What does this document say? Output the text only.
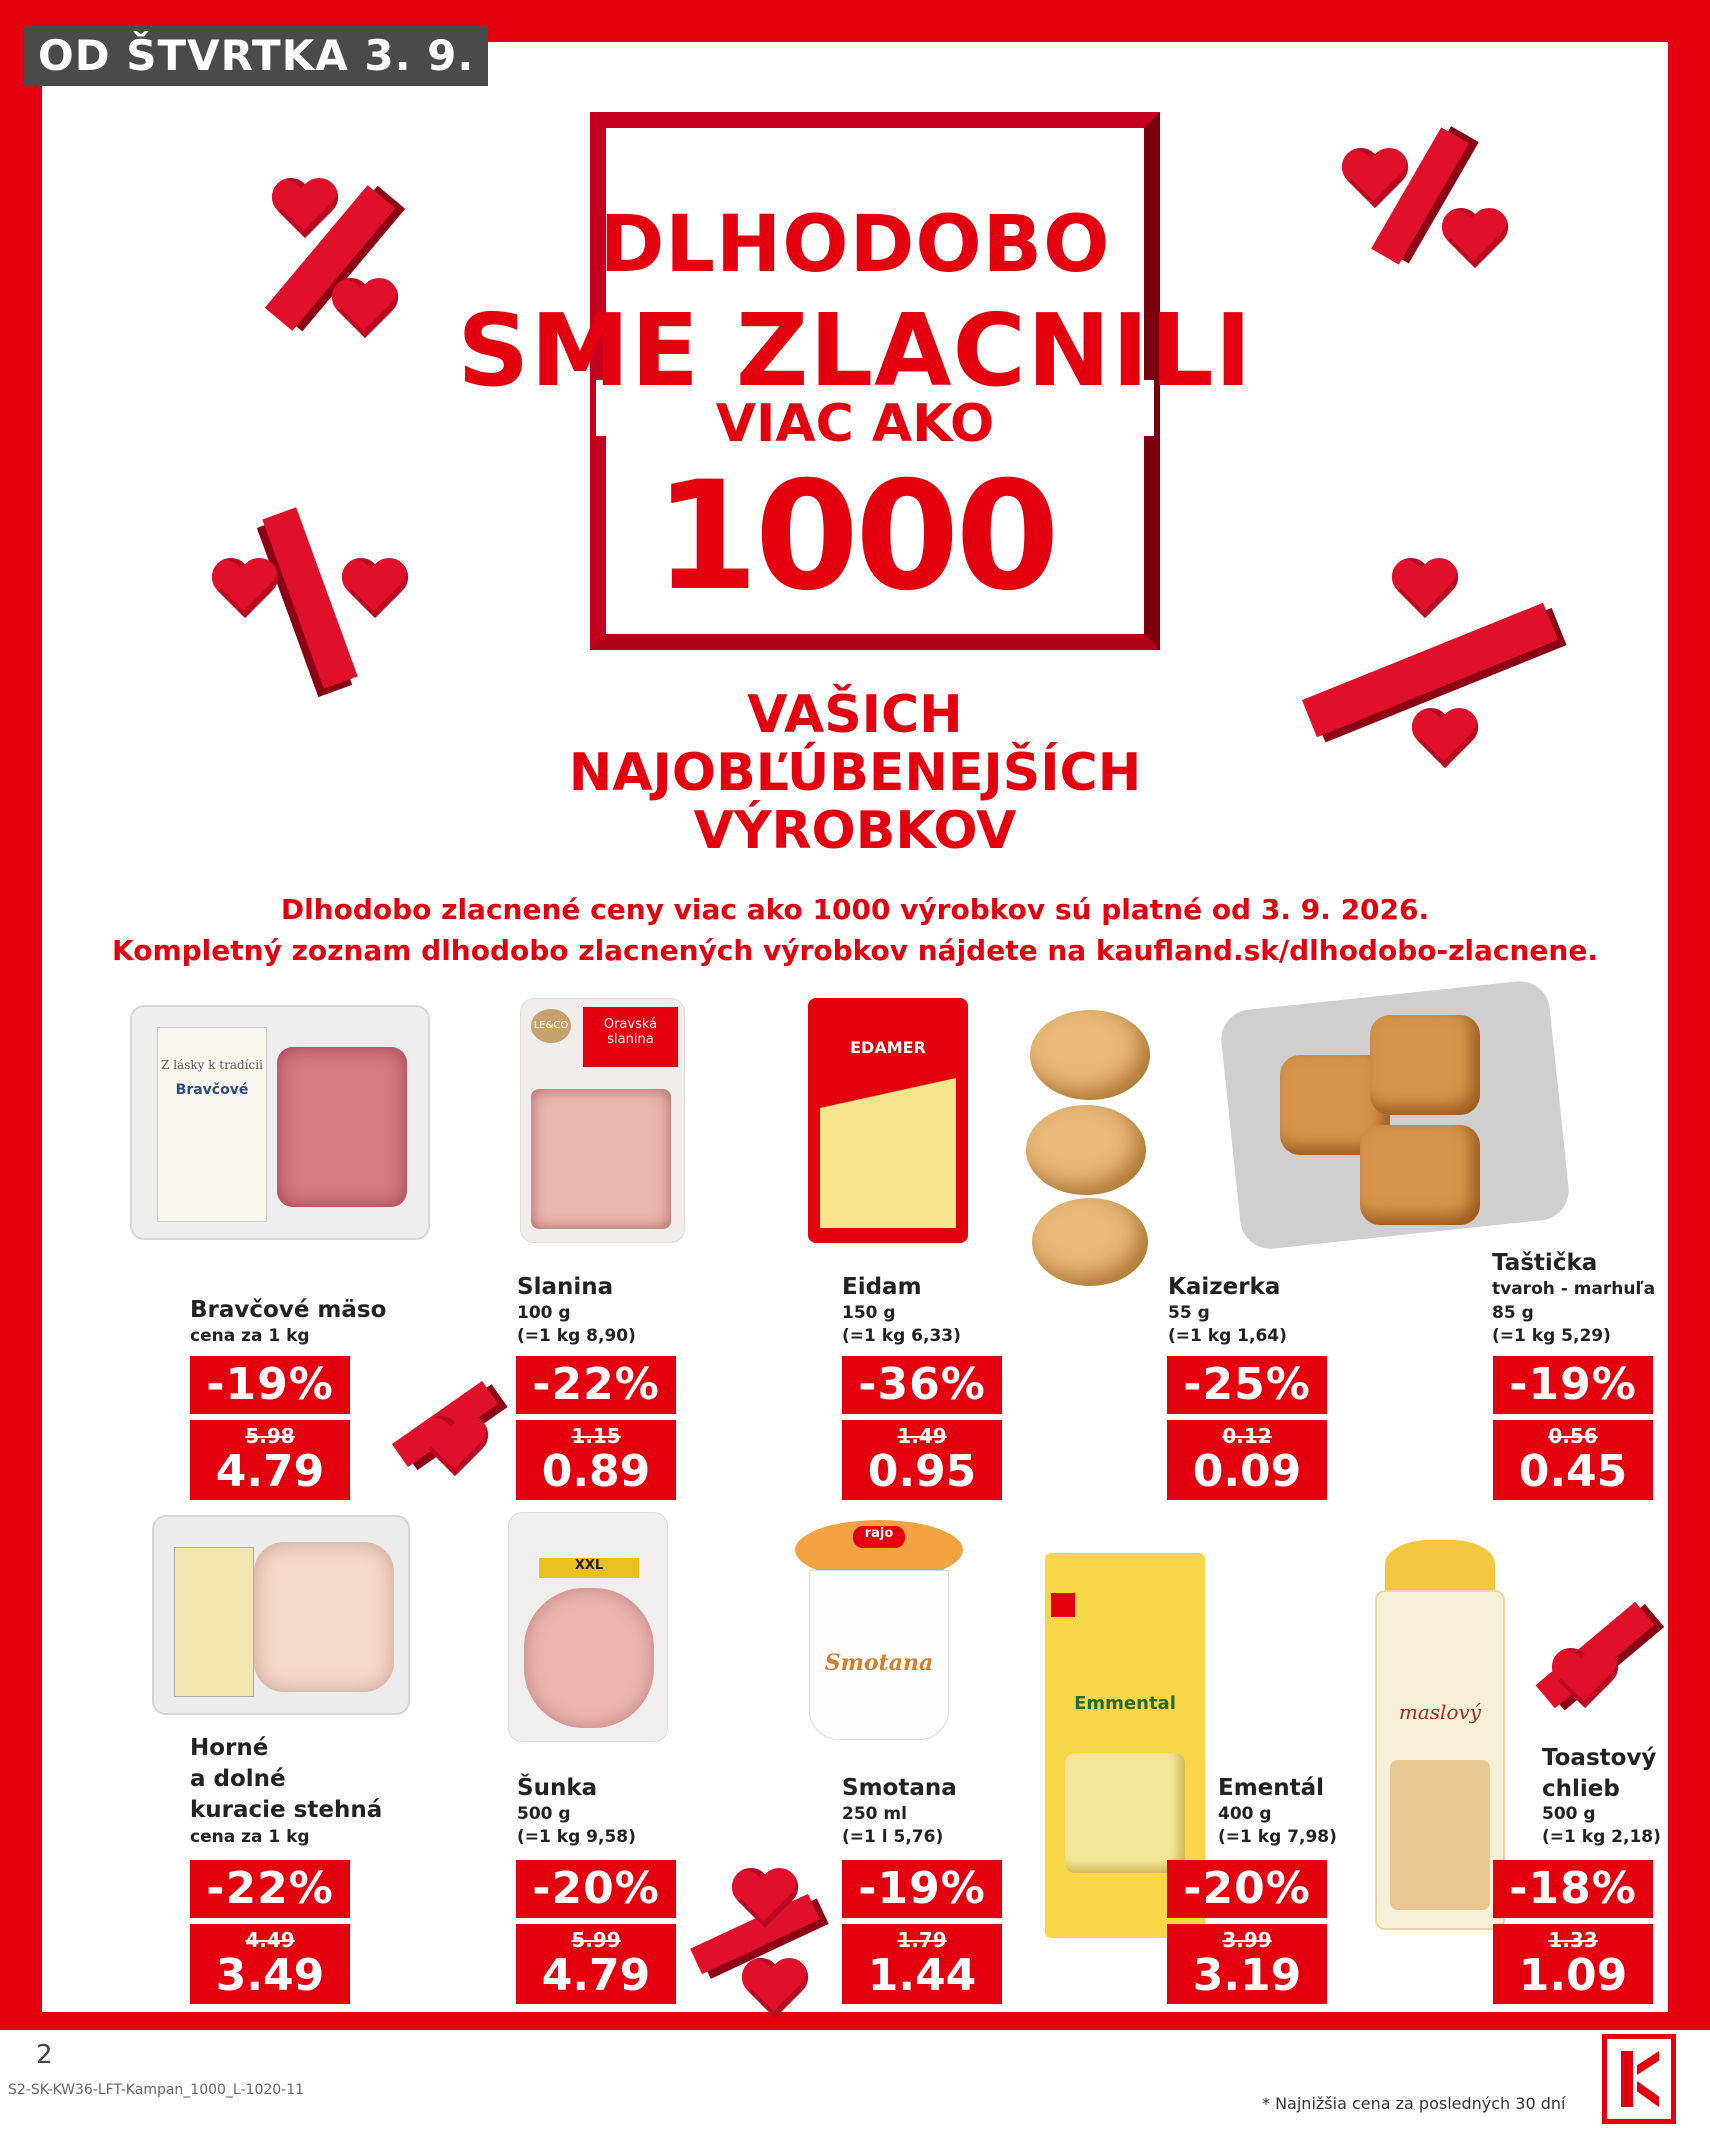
OD ŠTVRTKA 3. 9.
DLHODOBO
SME ZLACNILI
VIAC AKO
1000
VAŠICH
NAJOBĽÚBENEJŠÍCH
VÝROBKOV
Dlhodobo zlacnené ceny viac ako 1000 výrobkov sú platné od 3. 9. 2026.
Kompletný zoznam dlhodobo zlacnených výrobkov nájdete na kaufland.sk/dlhodobo-zlacnene.
Z lásky k tradícii
Bravčové
Bravčové mäso
cena za 1 kg
-19%
5.98
4.79
LE&CO	Oravská slanina
Slanina
100 g
(=1 kg 8,90)
-22%
1.15
0.89
EDAMER
Eidam
150 g
(=1 kg 6,33)
-36%
1.49
0.95
Kaizerka
55 g
(=1 kg 1,64)
-25%
0.12
0.09
Taštička
tvaroh - marhuľa
85 g
(=1 kg 5,29)
-19%
0.56
0.45
Horné
a dolné
kuracie stehná
cena za 1 kg
-22%
4.49
3.49
XXL
Šunka
500 g
(=1 kg 9,58)
-20%
5.99
4.79
rajo
Smotana
Smotana
250 ml
(=1 l 5,76)
-19%
1.79
1.44
Emmental
Ementál
400 g
(=1 kg 7,98)
-20%
3.99
3.19
maslový
Toastový
chlieb
500 g
(=1 kg 2,18)
-18%
1.33
1.09
2
S2-SK-KW36-LFT-Kampan_1000_L-1020-11
* Najnižšia cena za posledných 30 dní
